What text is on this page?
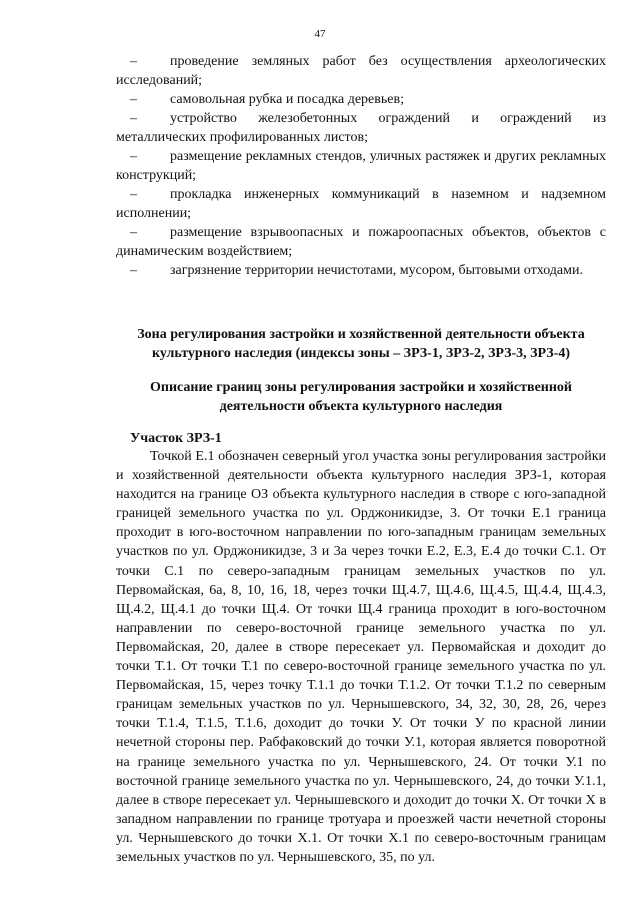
47
– проведение земляных работ без осуществления археологических исследований;
– самовольная рубка и посадка деревьев;
– устройство железобетонных ограждений и ограждений из металлических профилированных листов;
– размещение рекламных стендов, уличных растяжек и других рекламных конструкций;
– прокладка инженерных коммуникаций в наземном и надземном исполнении;
– размещение взрывоопасных и пожароопасных объектов, объектов с динамическим воздействием;
– загрязнение территории нечистотами, мусором, бытовыми отходами.
Зона регулирования застройки и хозяйственной деятельности объекта культурного наследия (индексы зоны – ЗРЗ-1, ЗРЗ-2, ЗРЗ-3, ЗРЗ-4)
Описание границ зоны регулирования застройки и хозяйственной деятельности объекта культурного наследия
Участок ЗРЗ-1
Точкой Е.1 обозначен северный угол участка зоны регулирования застройки и хозяйственной деятельности объекта культурного наследия ЗРЗ-1, которая находится на границе ОЗ объекта культурного наследия в створе с юго-западной границей земельного участка по ул. Орджоникидзе, 3. От точки Е.1 граница проходит в юго-восточном направлении по юго-западным границам земельных участков по ул. Орджоникидзе, 3 и 3а через точки Е.2, Е.3, Е.4 до точки С.1. От точки С.1 по северо-западным границам земельных участков по ул. Первомайская, 6а, 8, 10, 16, 18, через точки Щ.4.7, Щ.4.6, Щ.4.5, Щ.4.4, Щ.4.3, Щ.4.2, Щ.4.1 до точки Щ.4. От точки Щ.4 граница проходит в юго-восточном направлении по северо-восточной границе земельного участка по ул. Первомайская, 20, далее в створе пересекает ул. Первомайская и доходит до точки Т.1. От точки Т.1 по северо-восточной границе земельного участка по ул. Первомайская, 15, через точку Т.1.1 до точки Т.1.2. От точки Т.1.2 по северным границам земельных участков по ул. Чернышевского, 34, 32, 30, 28, 26, через точки Т.1.4, Т.1.5, Т.1.6, доходит до точки У. От точки У по красной линии нечетной стороны пер. Рабфаковский до точки У.1, которая является поворотной на границе земельного участка по ул. Чернышевского, 24. От точки У.1 по восточной границе земельного участка по ул. Чернышевского, 24, до точки У.1.1, далее в створе пересекает ул. Чернышевского и доходит до точки Х. От точки Х в западном направлении по границе тротуара и проезжей части нечетной стороны ул. Чернышевского до точки Х.1. От точки Х.1 по северо-восточным границам земельных участков по ул. Чернышевского, 35, по ул.
